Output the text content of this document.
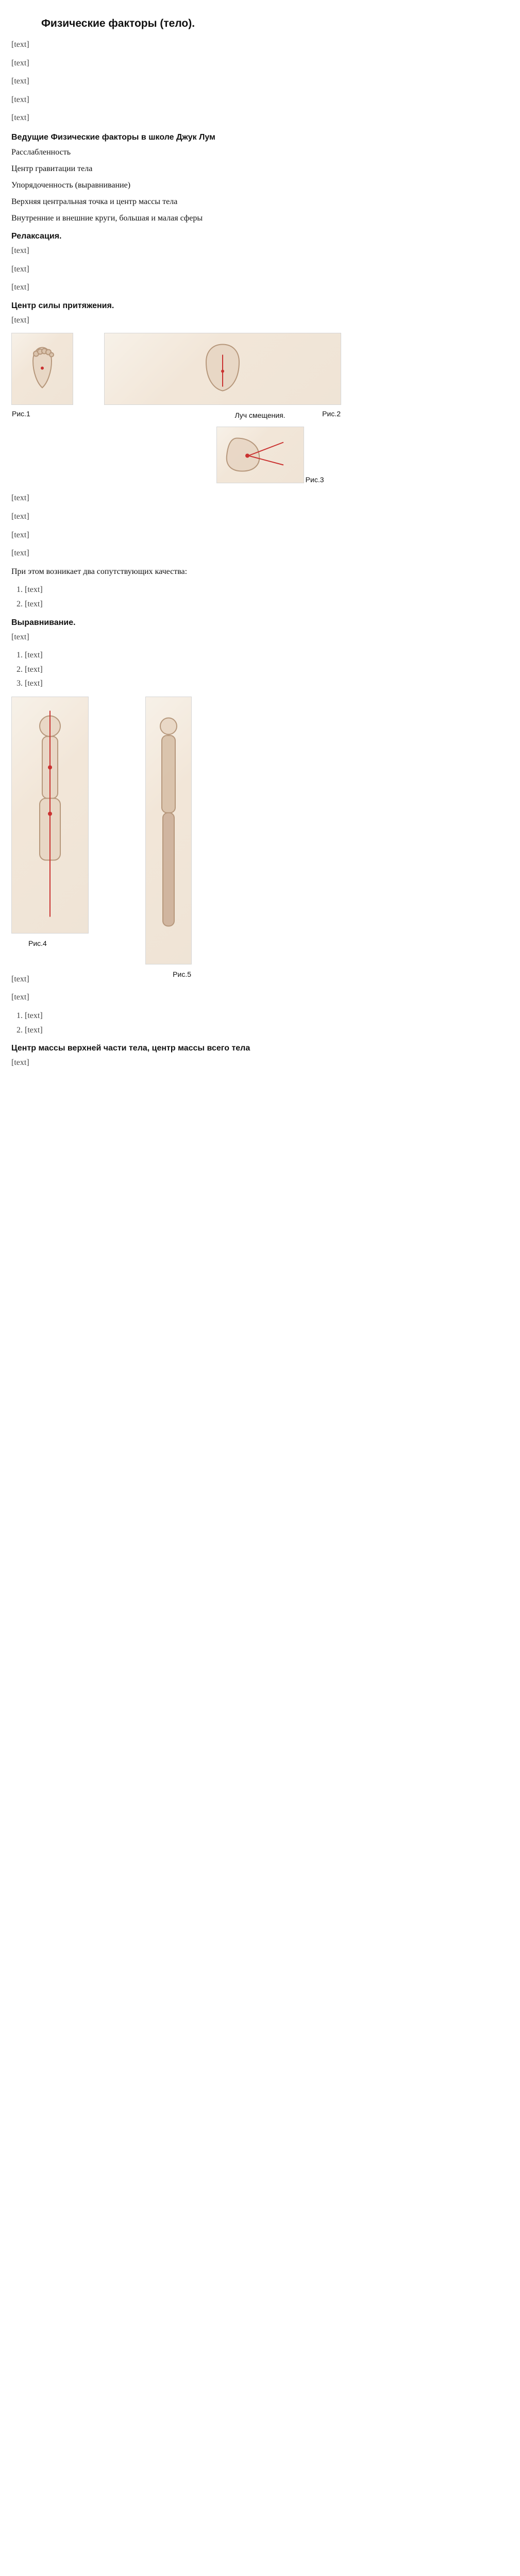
Физические факторы (тело).

[text]

[text]

[text]

[text]

[text]

Ведущие Физические факторы в школе Джук Лум
Расслабленность
Центр гравитации тела
Упорядоченность (выравнивание)
Верхняя центральная точка и центр массы тела
Внутренние и внешние круги, большая и малая сферы
Релаксация.

[text]

[text]

[text]

Центр силы притяжения.

[text]

Рис.1	Рис.2
Луч смещения.
Рис.3

[text]

[text]

[text]

[text]

При этом возникает два сопутствующих качества:

1. [text]
2. [text]
Выравнивание.

[text]

1. [text]
2. [text]
3. [text]
Рис.4
Рис.5

[text]

[text]

1. [text]
2. [text]
Центр массы верхней части тела, центр массы всего тела

[text]
